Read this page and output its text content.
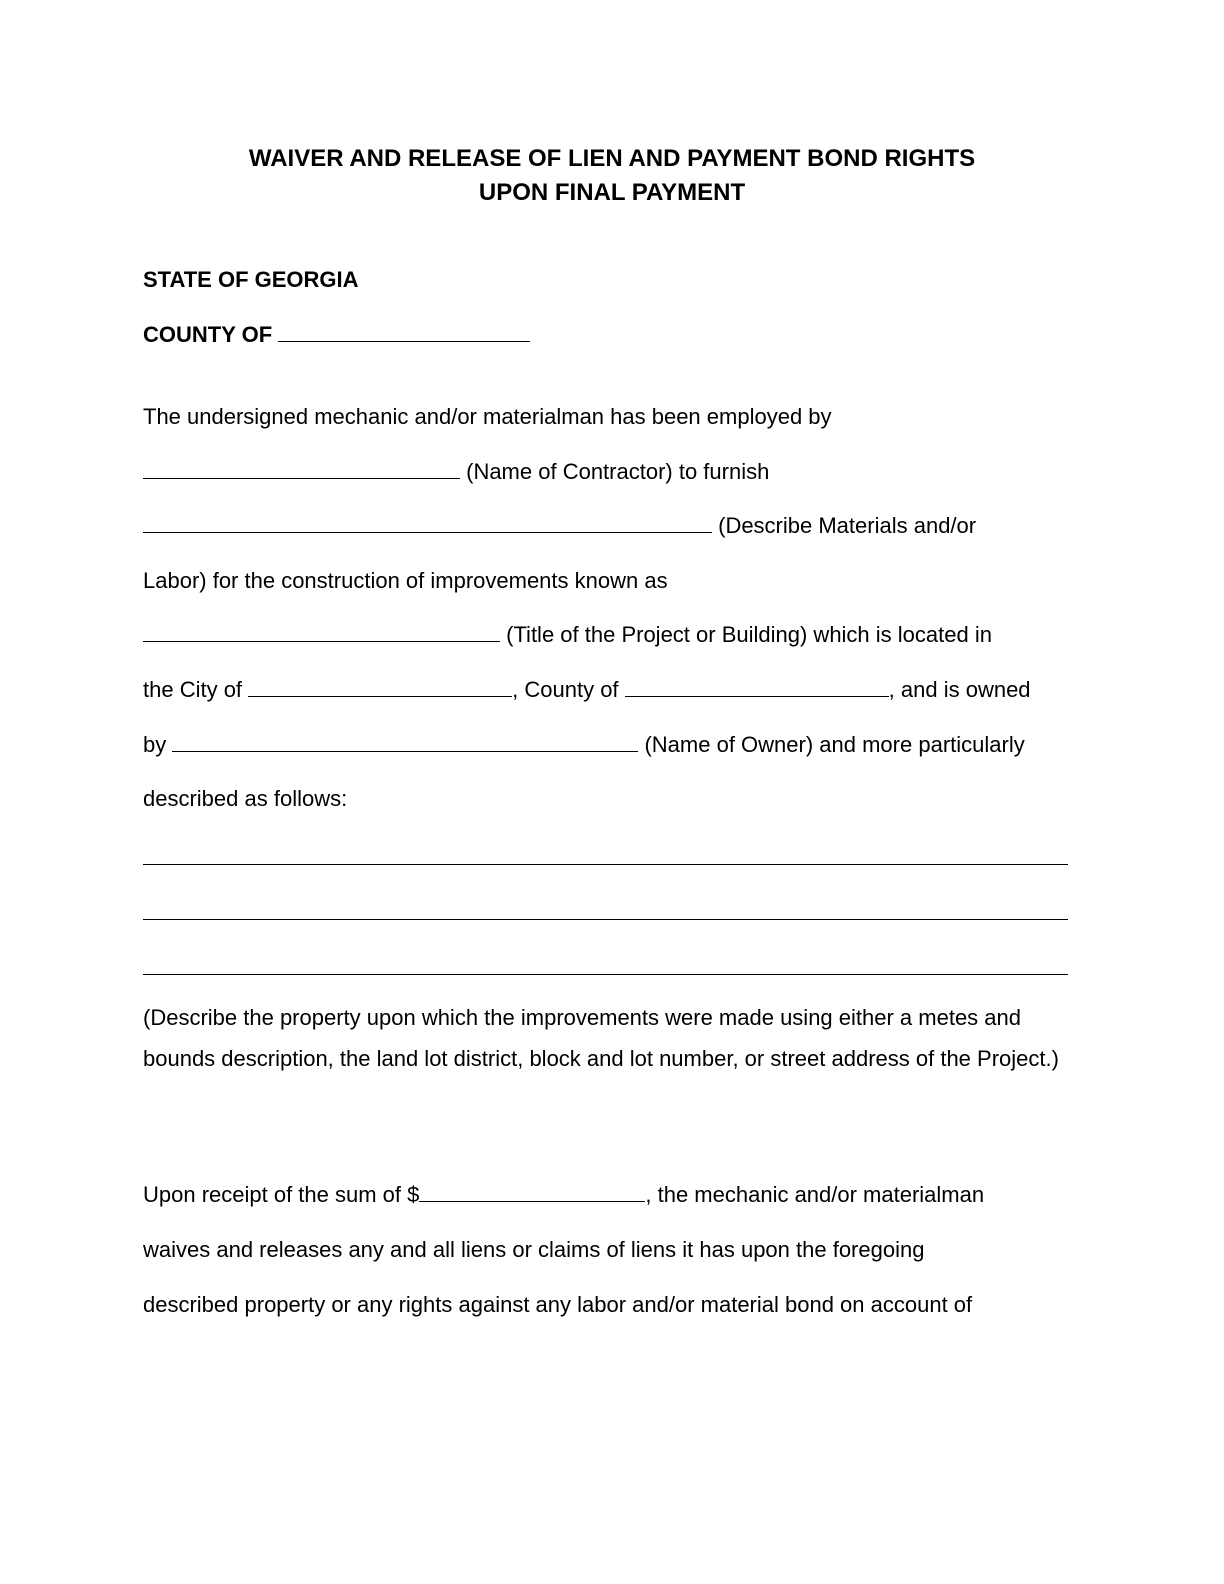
WAIVER AND RELEASE OF LIEN AND PAYMENT BOND RIGHTS
UPON FINAL PAYMENT

STATE OF GEORGIA

COUNTY OF

The undersigned mechanic and/or materialman has been employed by

(Name of Contractor) to furnish

(Describe Materials and/or

Labor) for the construction of improvements known as

(Title of the Project or Building) which is located in

the City of	, County of	, and is owned

by	(Name of Owner) and more particularly

described as follows:

(Describe the property upon which the improvements were made using either a metes and bounds description, the land lot district, block and lot number, or street address of the Project.)

Upon receipt of the sum of $	, the mechanic and/or materialman

waives and releases any and all liens or claims of liens it has upon the foregoing

described property or any rights against any labor and/or material bond on account of
